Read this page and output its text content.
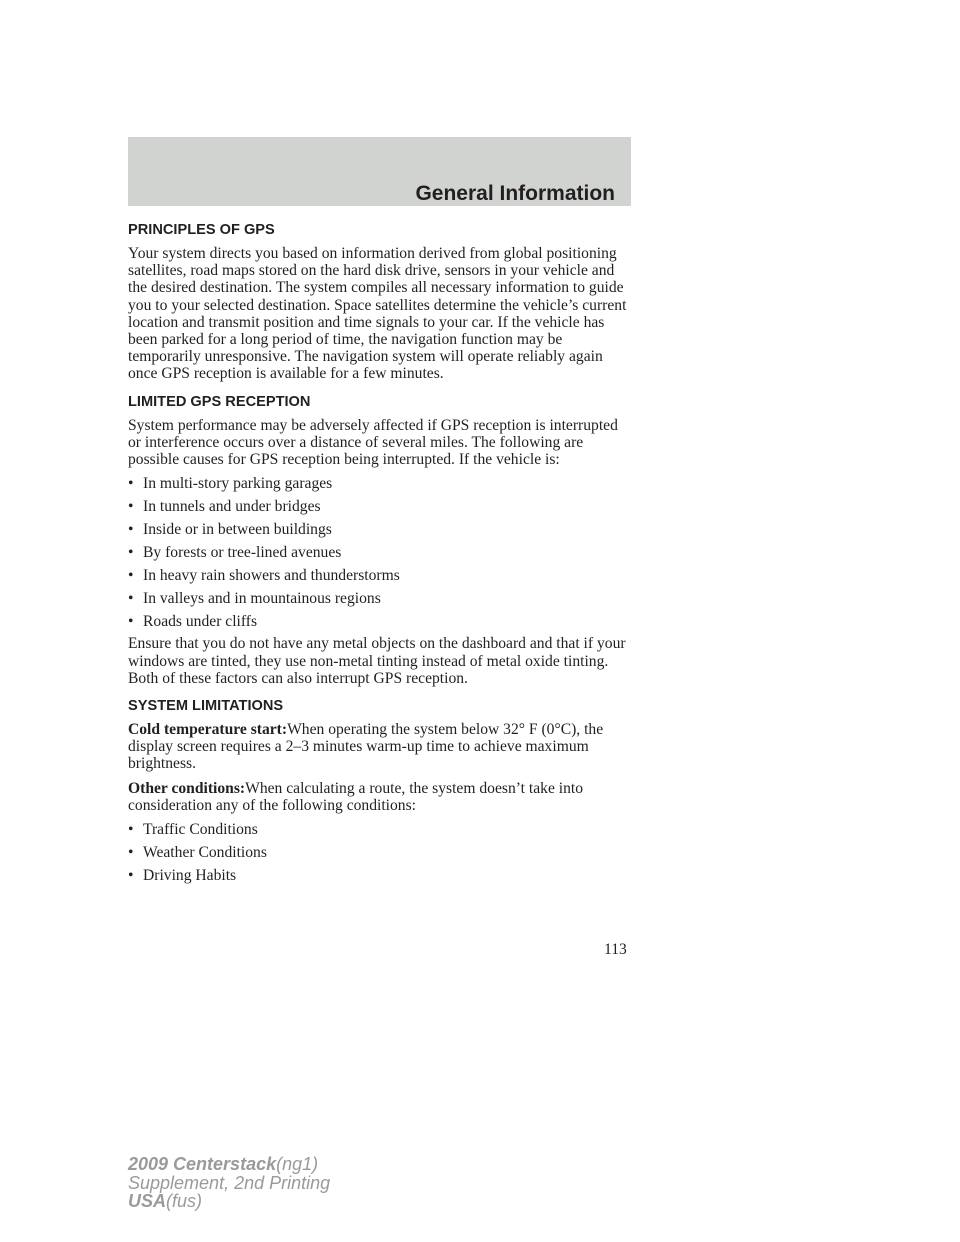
General Information
PRINCIPLES OF GPS

Your system directs you based on information derived from global positioning satellites, road maps stored on the hard disk drive, sensors in your vehicle and the desired destination. The system compiles all necessary information to guide you to your selected destination. Space satellites determine the vehicle’s current location and transmit position and time signals to your car. If the vehicle has been parked for a long period of time, the navigation function may be temporarily unresponsive. The navigation system will operate reliably again once GPS reception is available for a few minutes.

LIMITED GPS RECEPTION

System performance may be adversely affected if GPS reception is interrupted or interference occurs over a distance of several miles. The following are possible causes for GPS reception being interrupted. If the vehicle is:

• In multi-story parking garages
• In tunnels and under bridges
• Inside or in between buildings
• By forests or tree-lined avenues
• In heavy rain showers and thunderstorms
• In valleys and in mountainous regions
• Roads under cliffs

Ensure that you do not have any metal objects on the dashboard and that if your windows are tinted, they use non-metal tinting instead of metal oxide tinting. Both of these factors can also interrupt GPS reception.

SYSTEM LIMITATIONS

Cold temperature start:When operating the system below 32° F (0°C), the display screen requires a 2–3 minutes warm-up time to achieve maximum brightness.

Other conditions:When calculating a route, the system doesn’t take into consideration any of the following conditions:

• Traffic Conditions
• Weather Conditions
• Driving Habits
113
2009 Centerstack(ng1)
Supplement, 2nd Printing
USA(fus)
